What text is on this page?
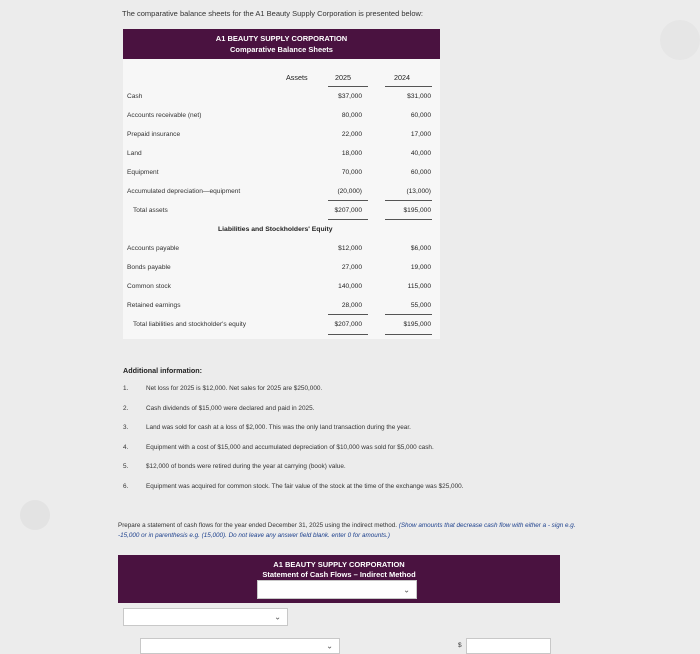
The comparative balance sheets for the A1 Beauty Supply Corporation is presented below:
A1 BEAUTY SUPPLY CORPORATION
Comparative Balance Sheets
Assets	2025	2024
Cash	$37,000	$31,000
Accounts receivable (net)	80,000	60,000
Prepaid insurance	22,000	17,000
Land	18,000	40,000
Equipment	70,000	60,000
Accumulated depreciation—equipment	(20,000)	(13,000)
Total assets	$207,000	$195,000
Liabilities and Stockholders' Equity
Accounts payable	$12,000	$6,000
Bonds payable	27,000	19,000
Common stock	140,000	115,000
Retained earnings	28,000	55,000
Total liabilities and stockholder's equity	$207,000	$195,000
Additional information:
1.	Net loss for 2025 is $12,000. Net sales for 2025 are $250,000.
2.	Cash dividends of $15,000 were declared and paid in 2025.
3.	Land was sold for cash at a loss of $2,000. This was the only land transaction during the year.
4.	Equipment with a cost of $15,000 and accumulated depreciation of $10,000 was sold for $5,000 cash.
5.	$12,000 of bonds were retired during the year at carrying (book) value.
6.	Equipment was acquired for common stock. The fair value of the stock at the time of the exchange was $25,000.
Prepare a statement of cash flows for the year ended December 31, 2025 using the indirect method. (Show amounts that decrease cash flow with either a - sign e.g. -15,000 or in parenthesis e.g. (15,000). Do not leave any answer field blank. enter 0 for amounts.)
A1 BEAUTY SUPPLY CORPORATION
Statement of Cash Flows – Indirect Method
⌄
⌄
⌄	$
